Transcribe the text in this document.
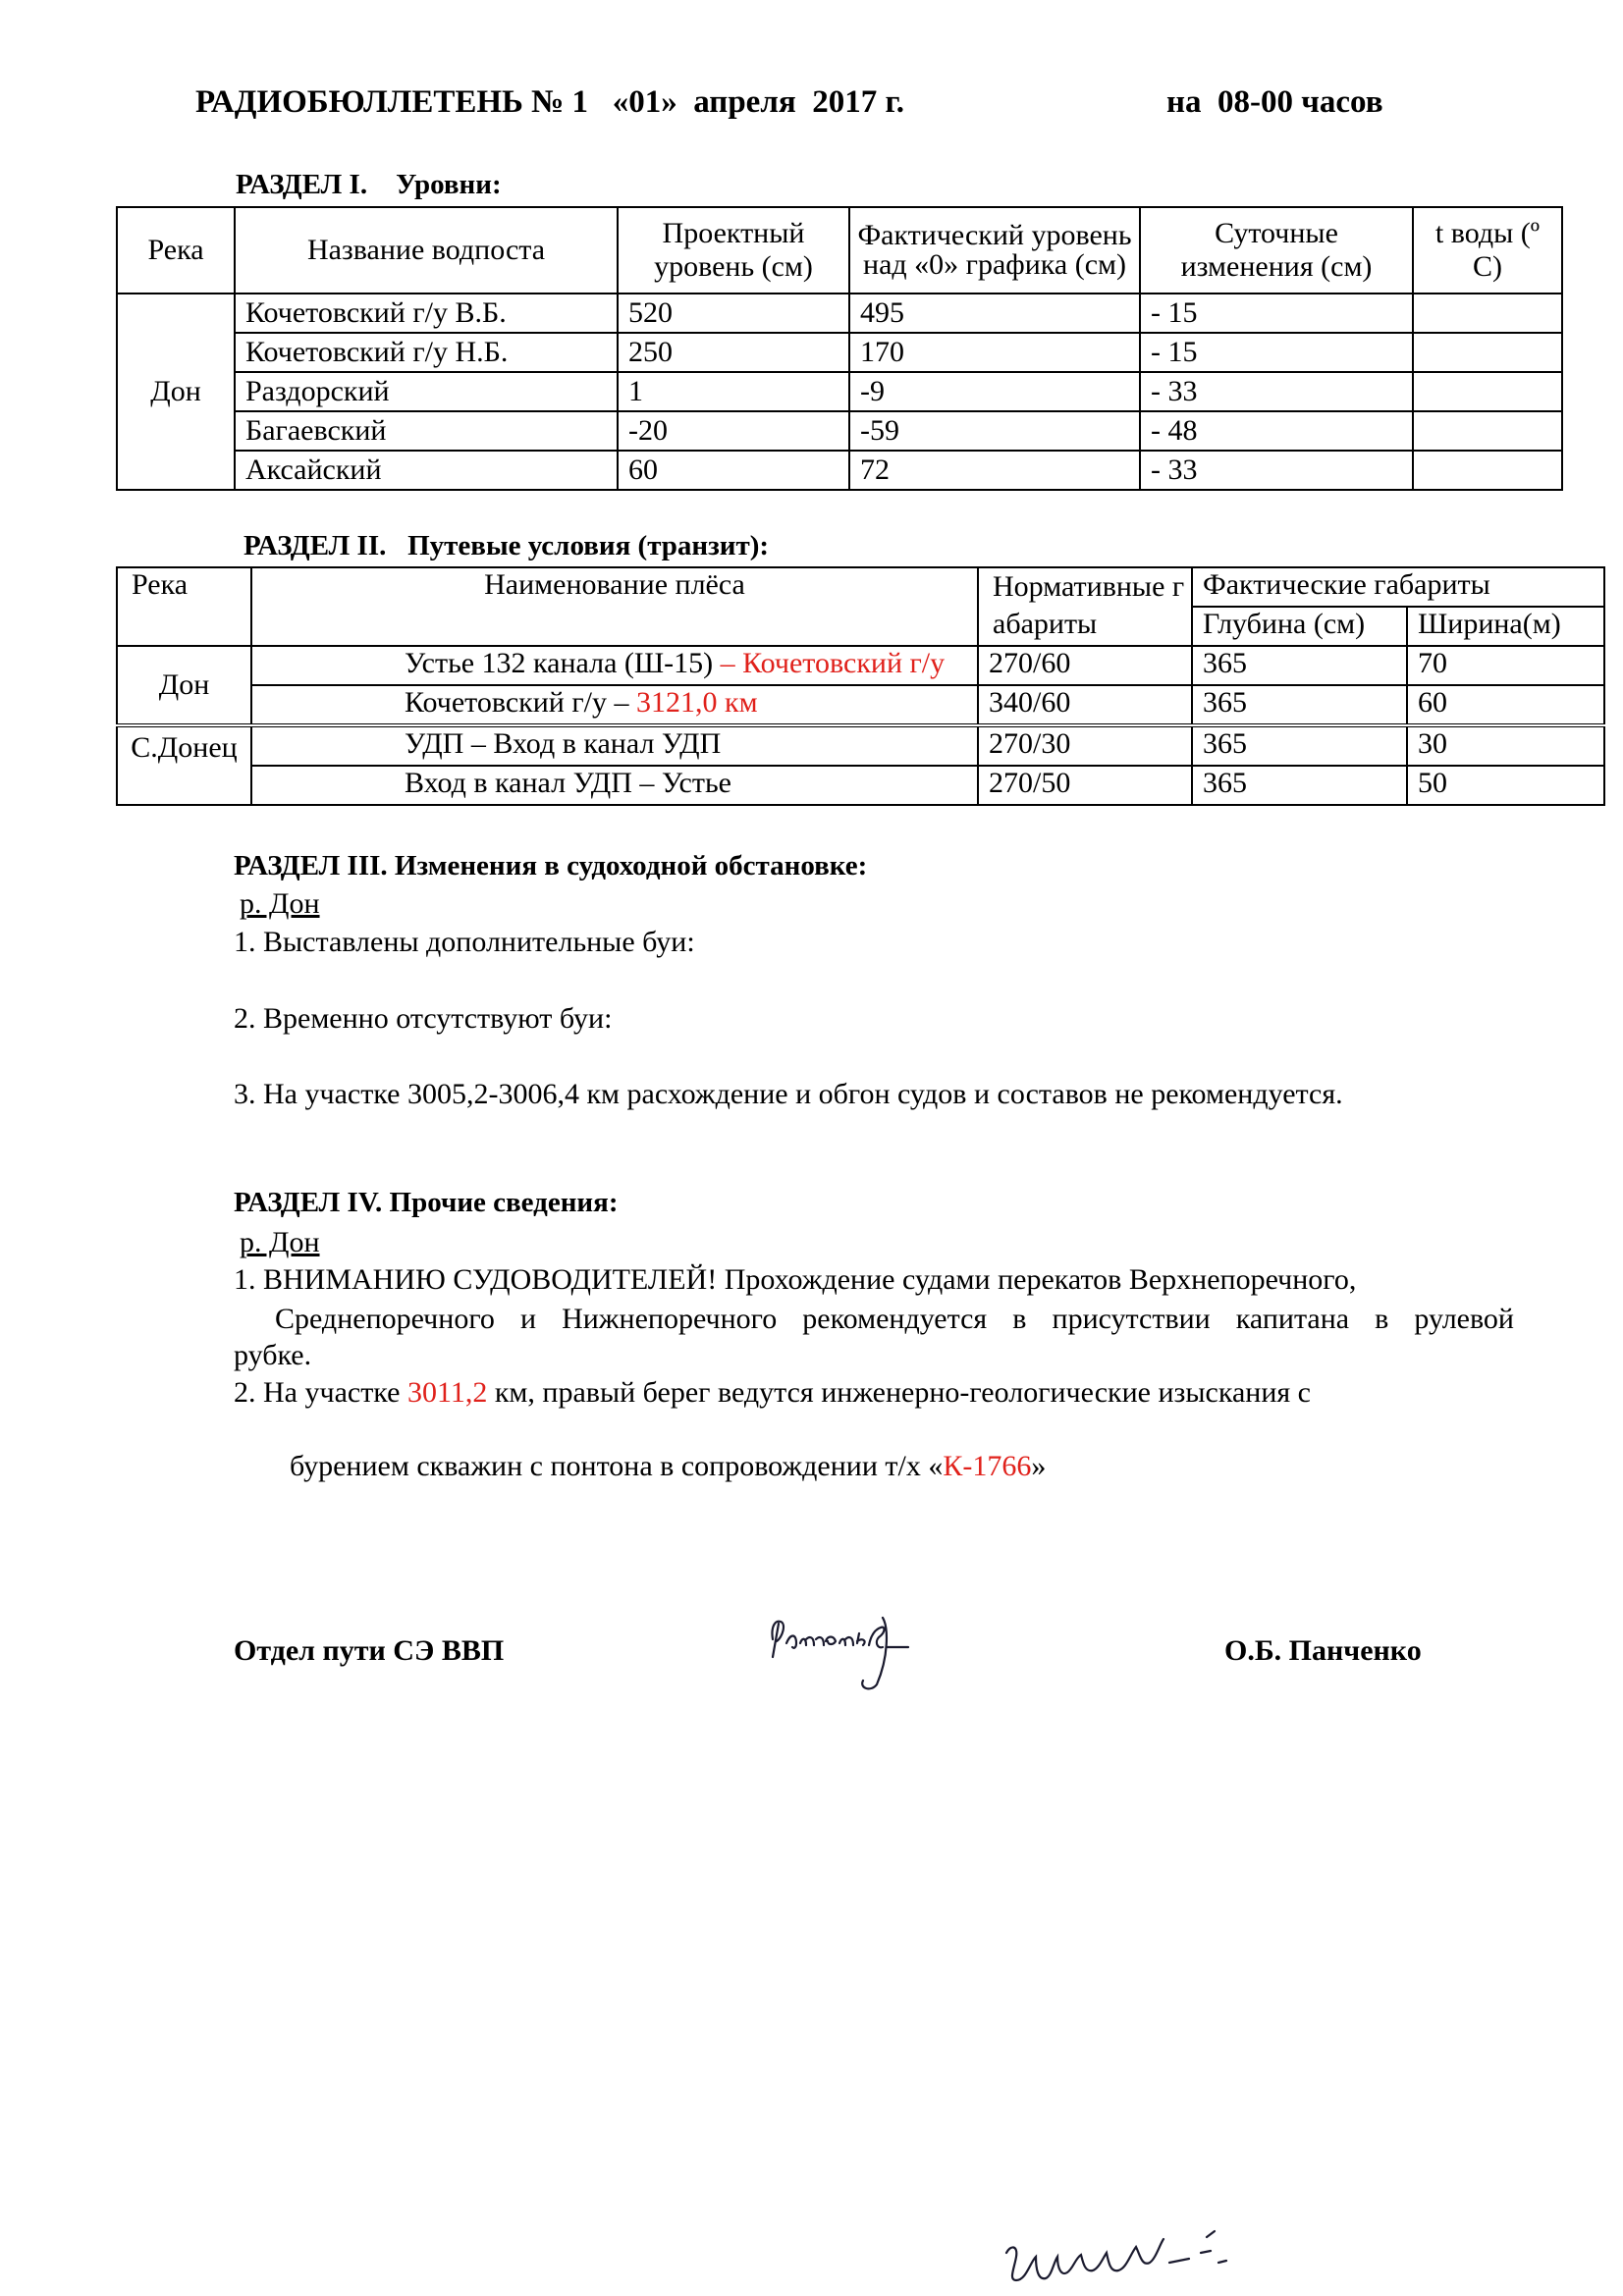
РАДИОБЮЛЛЕТЕНЬ № 1   «01»  апреля  2017 г.	на  08-00 часов
РАЗДЕЛ I.    Уровни:
Река	Название водпоста	Проектный уровень (см)	Фактический уровень над «0» графика (см)	Суточные изменения (см)	t воды (º С)
Дон	Кочетовский г/у В.Б.	520	495	- 15	
	Кочетовский г/у Н.Б.	250	170	- 15	
	Раздорский	1	-9	- 33	
	Багаевский	-20	-59	- 48	
	Аксайский	60	72	- 33	
РАЗДЕЛ II.   Путевые условия (транзит):
Река	Наименование плёса	Нормативные габариты	Фактические габариты	
			Глубина (см)	Ширина(м)
Дон	Устье 132 канала (Ш-15) – Кочетовский г/у	270/60	365	70
	Кочетовский г/у – 3121,0 км	340/60	365	60
С.Донец	УДП – Вход в канал УДП	270/30	365	30
	Вход в канал УДП – Устье	270/50	365	50
РАЗДЕЛ III. Изменения в судоходной обстановке:
р. Дон
1. Выставлены дополнительные буи:
2. Временно отсутствуют буи:
3. На участке 3005,2-3006,4 км расхождение и обгон судов и составов не рекомендуется.
РАЗДЕЛ IV. Прочие сведения:
р. Дон
1. ВНИМАНИЮ СУДОВОДИТЕЛЕЙ! Прохождение судами перекатов Верхнепоречного,
Среднепоречного и Нижнепоречного рекомендуется в присутствии капитана в рулевой
рубке.
2. На участке 3011,2 км, правый берег ведутся инженерно-геологические изыскания с

бурением скважин с понтона в сопровождении т/х «К-1766»

Отдел пути СЭ ВВП	О.Б. Панченко
